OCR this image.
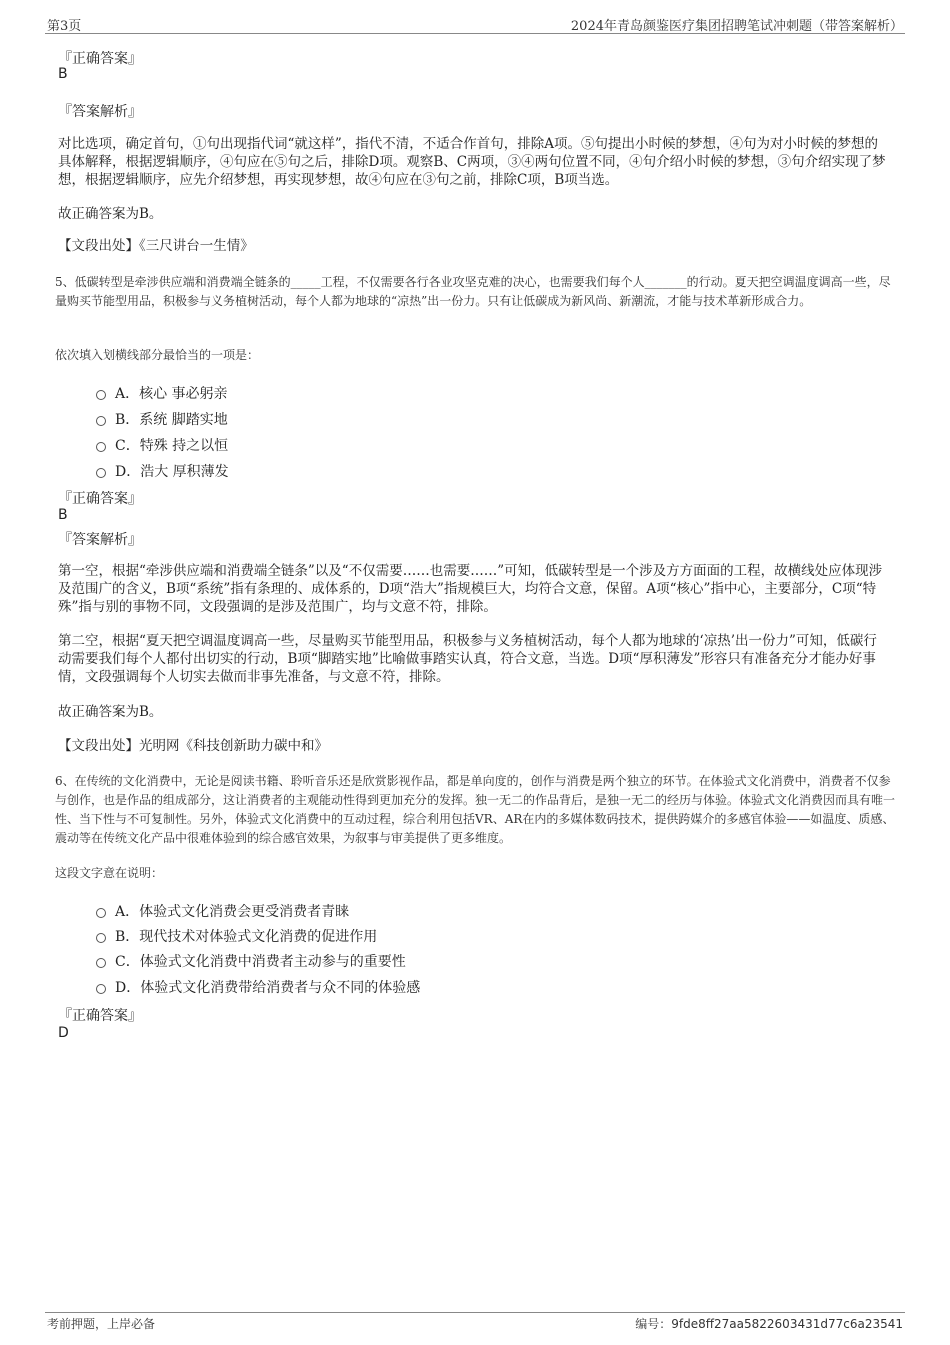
第3页	2024年青岛颜鉴医疗集团招聘笔试冲刺题（带答案解析）
『正确答案』
B
『答案解析』
对比选项，确定首句，①句出现指代词“就这样”，指代不清，不适合作首句，排除A项。⑤句提出小时候的梦想，④句为对小时候的梦想的具体解释，根据逻辑顺序，④句应在⑤句之后，排除D项。观察B、C两项，③④两句位置不同，④句介绍小时候的梦想，③句介绍实现了梦想，根据逻辑顺序，应先介绍梦想，再实现梦想，故④句应在③句之前，排除C项，B项当选。
故正确答案为B。
【文段出处】《三尺讲台一生情》
5、低碳转型是牵涉供应端和消费端全链条的_____工程，不仅需要各行各业攻坚克难的决心，也需要我们每个人_______的行动。夏天把空调温度调高一些，尽量购买节能型用品，积极参与义务植树活动，每个人都为地球的“凉热”出一份力。只有让低碳成为新风尚、新潮流，才能与技术革新形成合力。
依次填入划横线部分最恰当的一项是：
A．核心 事必躬亲
B．系统 脚踏实地
C．特殊 持之以恒
D．浩大 厚积薄发
『正确答案』
B
『答案解析』
第一空，根据“牵涉供应端和消费端全链条”以及“不仅需要……也需要……”可知，低碳转型是一个涉及方方面面的工程，故横线处应体现涉及范围广的含义，B项“系统”指有条理的、成体系的，D项“浩大”指规模巨大，均符合文意，保留。A项“核心”指中心，主要部分，C项“特殊”指与别的事物不同，文段强调的是涉及范围广，均与文意不符，排除。
第二空，根据“夏天把空调温度调高一些，尽量购买节能型用品，积极参与义务植树活动，每个人都为地球的‘凉热’出一份力”可知，低碳行动需要我们每个人都付出切实的行动，B项“脚踏实地”比喻做事踏实认真，符合文意，当选。D项“厚积薄发”形容只有准备充分才能办好事情，文段强调每个人切实去做而非事先准备，与文意不符，排除。
故正确答案为B。
【文段出处】光明网《科技创新助力碳中和》
6、在传统的文化消费中，无论是阅读书籍、聆听音乐还是欣赏影视作品，都是单向度的，创作与消费是两个独立的环节。在体验式文化消费中，消费者不仅参与创作，也是作品的组成部分，这让消费者的主观能动性得到更加充分的发挥。独一无二的作品背后，是独一无二的经历与体验。体验式文化消费因而具有唯一性、当下性与不可复制性。另外，体验式文化消费中的互动过程，综合利用包括VR、AR在内的多媒体数码技术，提供跨媒介的多感官体验——如温度、质感、震动等在传统文化产品中很难体验到的综合感官效果，为叙事与审美提供了更多维度。
这段文字意在说明：
A．体验式文化消费会更受消费者青睐
B．现代技术对体验式文化消费的促进作用
C．体验式文化消费中消费者主动参与的重要性
D．体验式文化消费带给消费者与众不同的体验感
『正确答案』
D
考前押题，上岸必备	编号：9fde8ff27aa5822603431d77c6a23541
